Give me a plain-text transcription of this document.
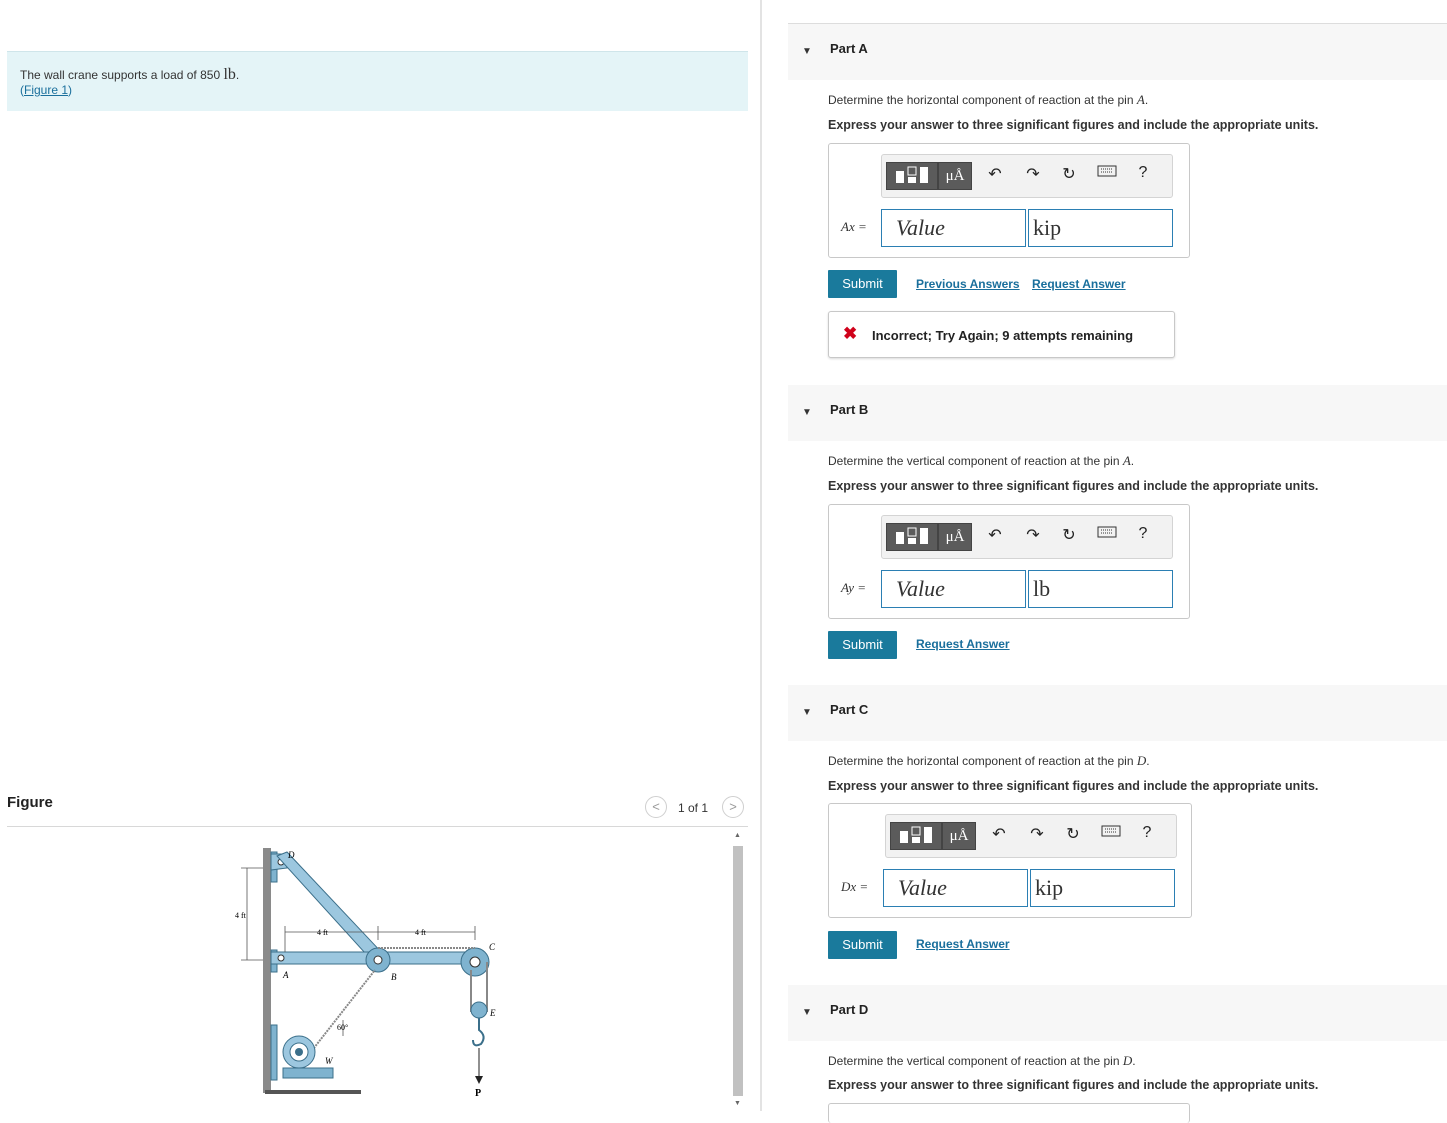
The wall crane supports a load of 850 lb.
(Figure 1)
Figure	<	1 of 1	>
D
A	B
C
E
W
P
4 ft
4 ft	4 ft
60°
▲
▼
▼ Part A
Determine the horizontal component of reaction at the pin A.
Express your answer to three significant figures and include the appropriate units.
μÅ	↶ ↷ ↻	?
Ax =	Value	kip
Submit	Previous Answers Request Answer
✖ Incorrect; Try Again; 9 attempts remaining
▼ Part B
Determine the vertical component of reaction at the pin A.
Express your answer to three significant figures and include the appropriate units.
μÅ	↶ ↷ ↻	?
Ay =	Value	lb
Submit	Request Answer
▼ Part C
Determine the horizontal component of reaction at the pin D.
Express your answer to three significant figures and include the appropriate units.
μÅ	↶ ↷ ↻	?
Dx =	Value	kip
Submit	Request Answer
▼ Part D
Determine the vertical component of reaction at the pin D.
Express your answer to three significant figures and include the appropriate units.
